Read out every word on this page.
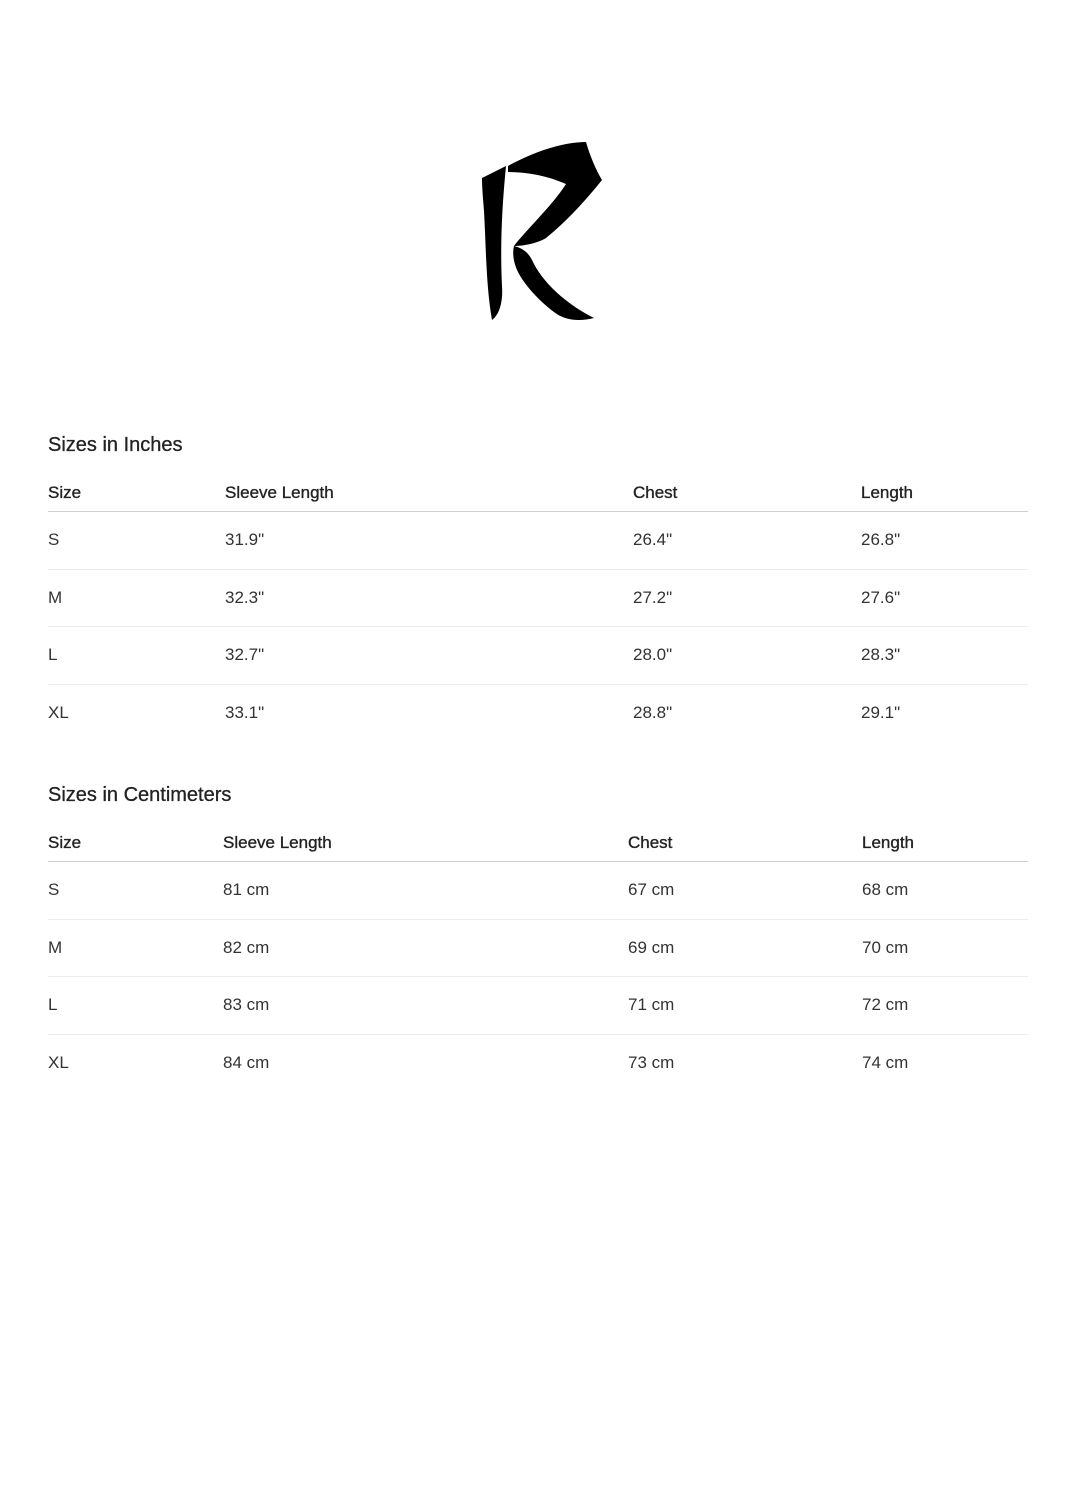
Sizes in Inches
Size	Sleeve Length	Chest	Length
S	31.9"	26.4"	26.8"
M	32.3"	27.2"	27.6"
L	32.7"	28.0"	28.3"
XL	33.1"	28.8"	29.1"
Sizes in Centimeters
Size	Sleeve Length	Chest	Length
S	81 cm	67 cm	68 cm
M	82 cm	69 cm	70 cm
L	83 cm	71 cm	72 cm
XL	84 cm	73 cm	74 cm
